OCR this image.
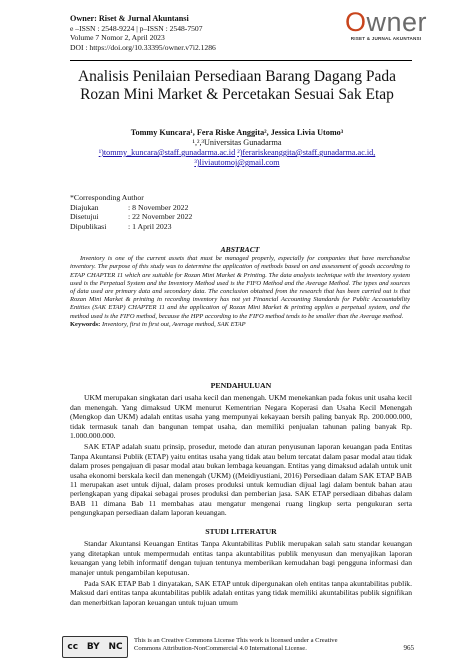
Owner: Riset & Jurnal Akuntansi
e –ISSN : 2548-9224 | p–ISSN : 2548-7507
Volume 7 Nomor 2, April 2023
DOI : https://doi.org/10.33395/owner.v7i2.1286
Owner
RISET & JURNAL AKUNTANSI
Analisis Penilaian Persediaan Barang Dagang Pada Rozan Mini Market & Percetakan Sesuai Sak Etap
Tommy Kuncara¹, Fera Riske Anggita², Jessica Livia Utomo³
¹,²,³Universitas Gunadarma
¹)tommy_kuncara@staff.gunadarma.ac.id ²)ferariskeanggita@staff.gunadarma.ac.id,
³)liviautomoj@gmail.com
*Corresponding Author
Diajukan	: 8 November 2022
Disetujui	: 22 November 2022
Dipublikasi	: 1 April 2023
ABSTRACT

Inventory is one of the current assets that must be managed properly, especially for companies that have merchandise inventory. The purpose of this study was to determine the application of methods based on and assessment of goods according to ETAP CHAPTER 11 which are suitable for Rozan Mini Market & Printing. The data analysis technique with the inventory system used is the Perpetual System and the Inventory Method used is the FIFO Method and the Average Method. The types and sources of data used are primary data and secondary data. The conclusion obtained from the research that has been carried out is that Rozan Mini Market & printing in recording inventory has not yet Financial Accounting Standards for Public Accountability Entities (SAK ETAP) CHAPTER 11 and the application of Rozan Mini Market & printing applies a perpetual system, and the method used is the FIFO method, because the HPP according to the FIFO method tends to be smaller than the Average method.

Keywords: Inventory, first in first out, Average method, SAK ETAP
PENDAHULUAN

UKM merupakan singkatan dari usaha kecil dan menengah. UKM menekankan pada fokus unit usaha kecil dan menengah. Yang dimaksud UKM menurut Kementrian Negara Koperasi dan Usaha Kecil Menengah (Mengkop dan UKM) adalah entitas usaha yang mempunyai kekayaan bersih paling banyak Rp. 200.000.000, tidak termasuk tanah dan bangunan tempat usaha, dan memiliki penjualan tahunan paling banyak Rp. 1.000.000.000.

SAK ETAP adalah suatu prinsip, prosedur, metode dan aturan penyusunan laporan keuangan pada Entitas Tanpa Akuntansi Publik (ETAP) yaitu entitas usaha yang tidak atau belum tercatat dalam pasar modal atau tidak dalam proses pengajuan di pasar modal atau bukan lembaga keuangan. Entitas yang dimaksud adalah untuk unit usaha ekonomi berskala kecil dan menengah (UKM) ((Meidiyustiani, 2016) Persediaan dalam SAK ETAP BAB 11 merupakan aset untuk dijual, dalam proses produksi untuk kemudian dijual lagi dalam bentuk bahan atau perlengkapan yang dipakai sebagai proses produksi dan pemberian jasa. SAK ETAP persediaan dibahas dalam BAB 11 dimana Bab 11 membahas atau mengatur mengenai ruang lingkup serta pengukuran serta pengungkapan persediaan dalam laporan keuangan.

STUDI LITERATUR

Standar Akuntansi Keuangan Entitas Tanpa Akuntabilitas Publik merupakan salah satu standar keuangan yang ditetapkan untuk mempermudah entitas tanpa akuntabilitas publik menyusun dan menyajikan laporan keuangan yang lebih informatif dengan tujuan tentunya memberikan kemudahan bagi pengguna informasi dan manajer untuk pengambilan keputusan.

Pada SAK ETAP Bab 1 dinyatakan, SAK ETAP untuk dipergunakan oleh entitas tanpa akuntabilitas publik. Maksud dari entitas tanpa akuntabilitas publik adalah entitas yang tidak memiliki akuntabilitas publik signifikan dan menerbitkan laporan keuangan untuk tujuan umum

cc BY NC
This is an Creative Commons License This work is licensed under a Creative
Commons Attribution-NonCommercial 4.0 International License.	965
